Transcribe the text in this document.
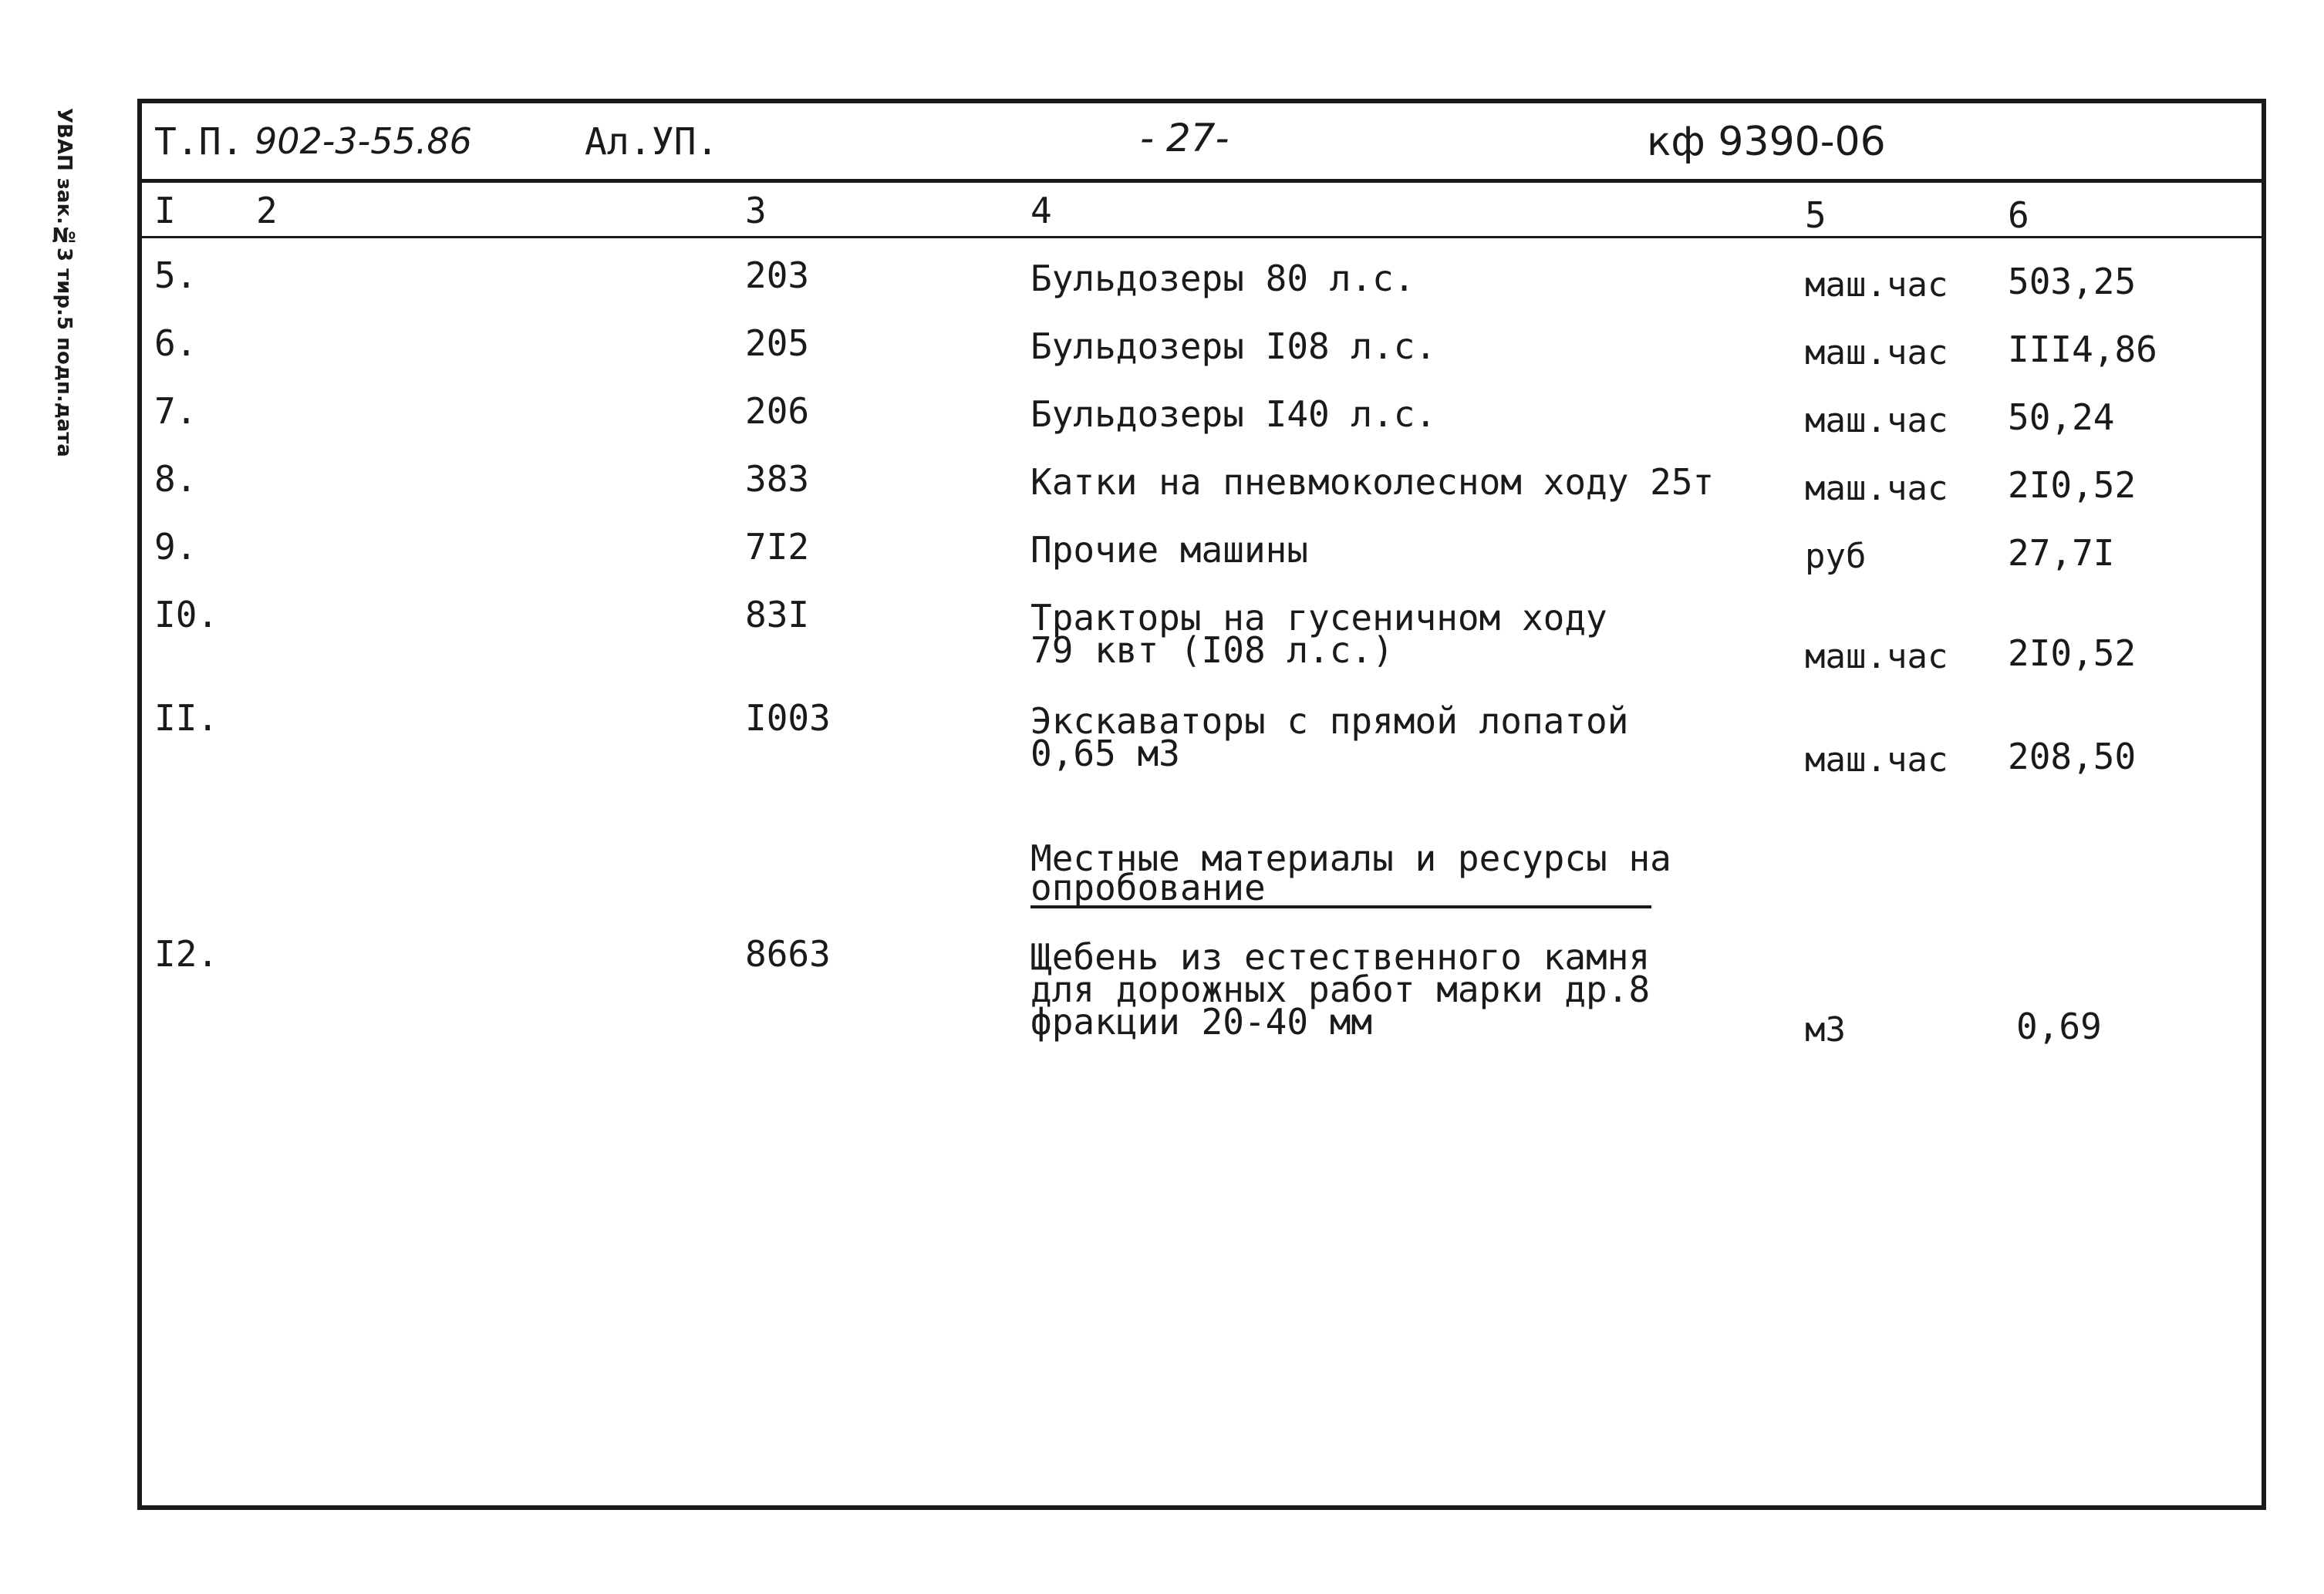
УВАП зак.№3 тир.5 подп.дата Т.П. 902-3-55.86	Ал.УП.	- 27-	кф 9390-06
I 2	3	4	5	6
5.	203	Бульдозеры 80 л.с.	маш.час 503,25
6.	205	Бульдозеры I08 л.с.	маш.час III4,86
7.	206	Бульдозеры I40 л.с.	маш.час 50,24
8.	383	Катки на пневмоколесном ходу 25т	маш.час 2I0,52
9.	7I2	Прочие машины	руб	27,7I
I0.	83I	Тракторы на гусеничном ходу
79 квт (I08 л.с.)	маш.час 2I0,52
II.	I003	Экскаваторы с прямой лопатой
0,65 м3	маш.час 208,50
Местные материалы и ресурсы на
опробование
I2.	8663	Щебень из естественного камня
для дорожных работ марки др.8
фракции 20-40 мм	м3	0,69
